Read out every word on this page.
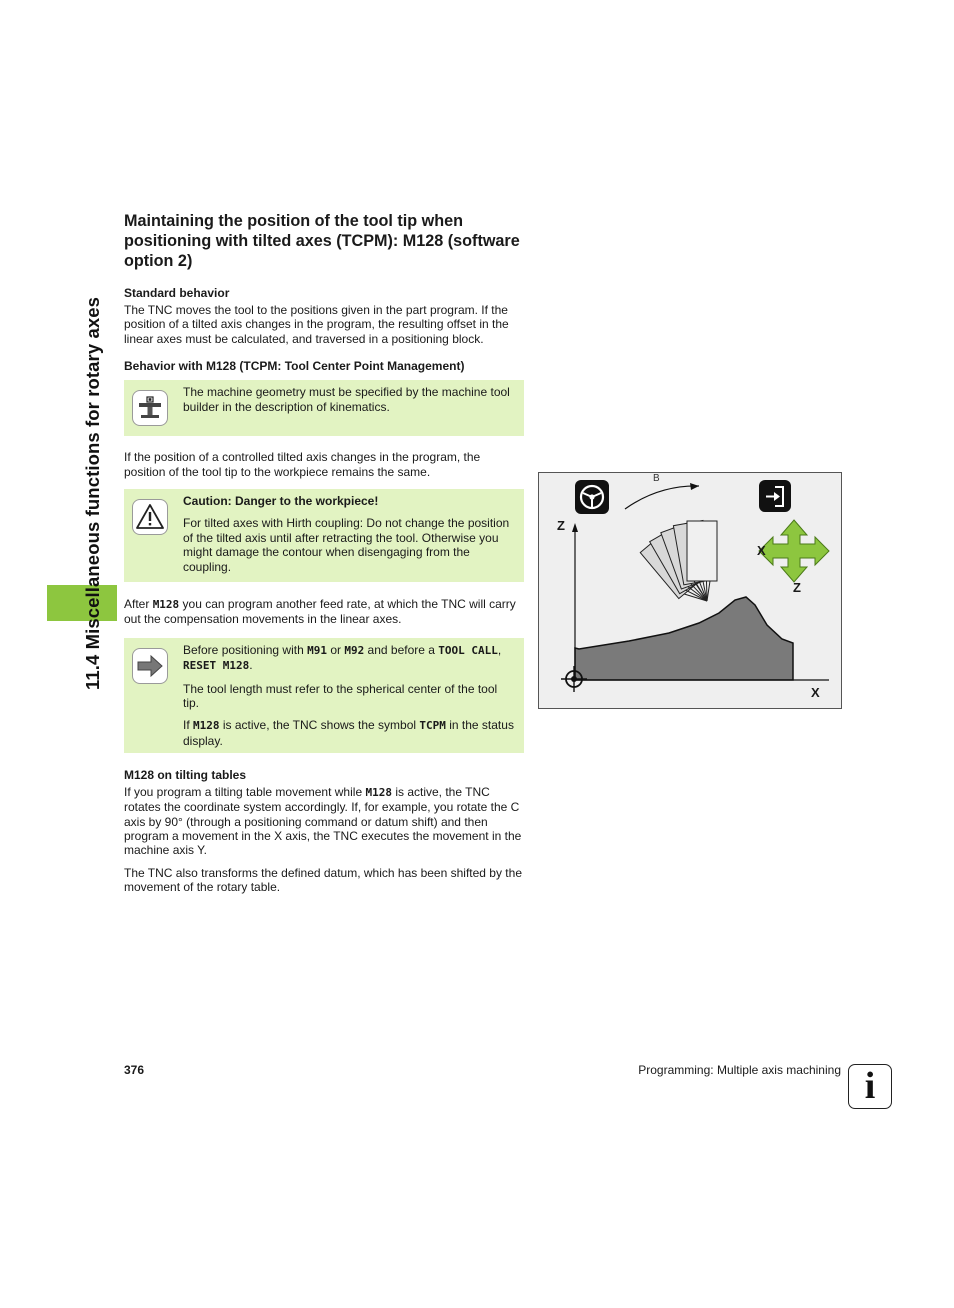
11.4 Miscellaneous functions for rotary axes
Maintaining the position of the tool tip when positioning with tilted axes (TCPM): M128 (software option 2)
Standard behavior

The TNC moves the tool to the positions given in the part program. If the position of a tilted axis changes in the program, the resulting offset in the linear axes must be calculated, and traversed in a positioning block.

Behavior with M128 (TCPM: Tool Center Point Management)

The machine geometry must be specified by the machine tool builder in the description of kinematics.

If the position of a controlled tilted axis changes in the program, the position of the tool tip to the workpiece remains the same.

Caution: Danger to the workpiece!

For tilted axes with Hirth coupling: Do not change the position of the tilted axis until after retracting the tool. Otherwise you might damage the contour when disengaging from the coupling.

After M128 you can program another feed rate, at which the TNC will carry out the compensation movements in the linear axes.

Before positioning with M91 or M92 and before a TOOL CALL, RESET M128.

The tool length must refer to the spherical center of the tool tip.

If M128 is active, the TNC shows the symbol TCPM in the status display.

M128 on tilting tables

If you program a tilting table movement while M128 is active, the TNC rotates the coordinate system accordingly. If, for example, you rotate the C axis by 90° (through a positioning command or datum shift) and then program a movement in the X axis, the TNC executes the movement in the machine axis Y.

The TNC also transforms the defined datum, which has been shifted by the movement of the rotary table.

B
Z
X
X
Z
376	Programming: Multiple axis machining i
